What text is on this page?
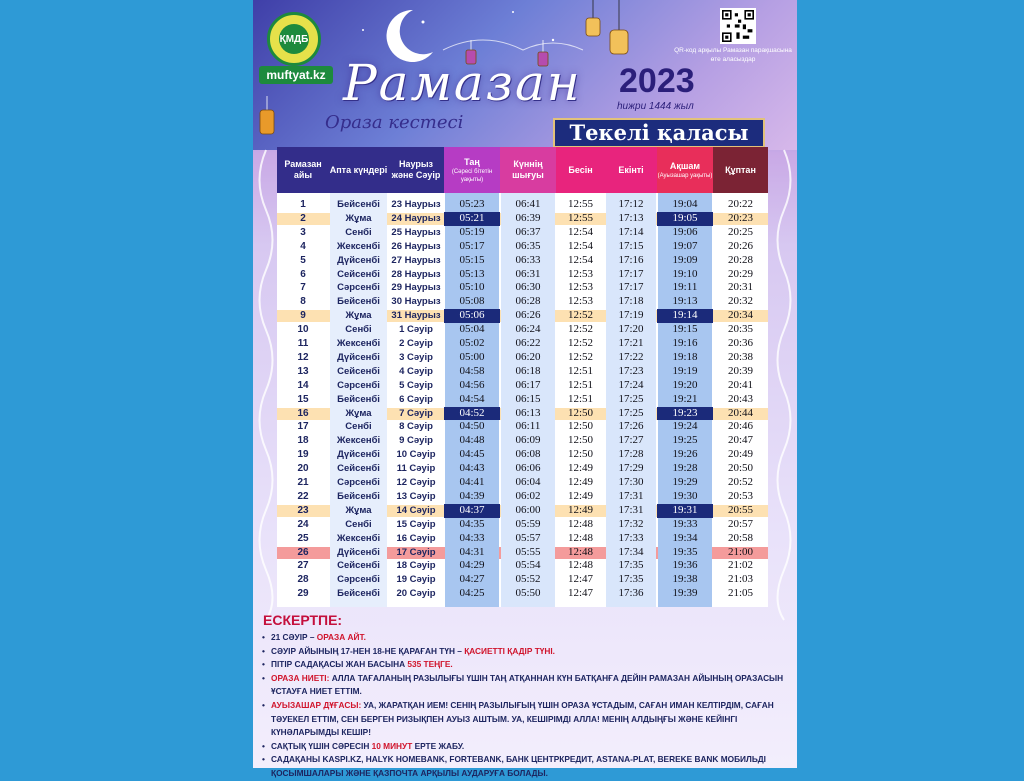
ҚМДБ
muftyat.kz Рамазан
Ораза кестесі
2023
һижри 1444 жыл
Текелі қаласы
QR-код арқылы Рамазан парақшасына өте аласыздар
Рамазан айы
1
2
3
4
5
6
7
8
9
10
11
12
13
14
15
16
17
18
19
20
21
22
23
24
25
26
27
28
29
Апта күндері
Бейсенбі
Жұма
Сенбі
Жексенбі
Дүйсенбі
Сейсенбі
Сәрсенбі
Бейсенбі
Жұма
Сенбі
Жексенбі
Дүйсенбі
Сейсенбі
Сәрсенбі
Бейсенбі
Жұма
Сенбі
Жексенбі
Дүйсенбі
Сейсенбі
Сәрсенбі
Бейсенбі
Жұма
Сенбі
Жексенбі
Дүйсенбі
Сейсенбі
Сәрсенбі
Бейсенбі
Наурыз және Сәуір
23 Наурыз
24 Наурыз
25 Наурыз
26 Наурыз
27 Наурыз
28 Наурыз
29 Наурыз
30 Наурыз
31 Наурыз
1 Сәуір
2 Сәуір
3 Сәуір
4 Сәуір
5 Сәуір
6 Сәуір
7 Сәуір
8 Сәуір
9 Сәуір
10 Сәуір
11 Сәуір
12 Сәуір
13 Сәуір
14 Сәуір
15 Сәуір
16 Сәуір
17 Сәуір
18 Сәуір
19 Сәуір
20 Сәуір
Таң
(Сәресі бітетін уақыты)
05:23
05:21
05:19
05:17
05:15
05:13
05:10
05:08
05:06
05:04
05:02
05:00
04:58
04:56
04:54
04:52
04:50
04:48
04:45
04:43
04:41
04:39
04:37
04:35
04:33
04:31
04:29
04:27
04:25
Күннің шығуы
06:41
06:39
06:37
06:35
06:33
06:31
06:30
06:28
06:26
06:24
06:22
06:20
06:18
06:17
06:15
06:13
06:11
06:09
06:08
06:06
06:04
06:02
06:00
05:59
05:57
05:55
05:54
05:52
05:50
Бесін
12:55
12:55
12:54
12:54
12:54
12:53
12:53
12:53
12:52
12:52
12:52
12:52
12:51
12:51
12:51
12:50
12:50
12:50
12:50
12:49
12:49
12:49
12:49
12:48
12:48
12:48
12:48
12:47
12:47
Екінті
17:12
17:13
17:14
17:15
17:16
17:17
17:17
17:18
17:19
17:20
17:21
17:22
17:23
17:24
17:25
17:25
17:26
17:27
17:28
17:29
17:30
17:31
17:31
17:32
17:33
17:34
17:35
17:35
17:36
Ақшам
(Ауызашар уақыты)
19:04
19:05
19:06
19:07
19:09
19:10
19:11
19:13
19:14
19:15
19:16
19:18
19:19
19:20
19:21
19:23
19:24
19:25
19:26
19:28
19:29
19:30
19:31
19:33
19:34
19:35
19:36
19:38
19:39
Құптан
20:22
20:23
20:25
20:26
20:28
20:29
20:31
20:32
20:34
20:35
20:36
20:38
20:39
20:41
20:43
20:44
20:46
20:47
20:49
20:50
20:52
20:53
20:55
20:57
20:58
21:00
21:02
21:03
21:05
ЕСКЕРТПЕ:
• 21 СӘУІР – ОРАЗА АЙТ.
• СӘУІР АЙЫНЫҢ 17-НЕН 18-НЕ ҚАРАҒАН ТҮН – ҚАСИЕТТІ ҚАДІР ТҮНІ.
• ПІТІР САДАҚАСЫ ЖАН БАСЫНА 535 ТЕҢГЕ.
• ОРАЗА НИЕТІ: АЛЛА ТАҒАЛАНЫҢ РАЗЫЛЫҒЫ ҮШІН ТАҢ АТҚАННАН КҮН БАТҚАНҒА ДЕЙІН РАМАЗАН АЙЫНЫҢ ОРАЗАСЫН ҰСТАУҒА НИЕТ ЕТТІМ.
• АУЫЗАШАР ДҰҒАСЫ: УА, ЖАРАТҚАН ИЕМ! СЕНІҢ РАЗЫЛЫҒЫҢ ҮШІН ОРАЗА ҰСТАДЫМ, САҒАН ИМАН КЕЛТІРДІМ, САҒАН ТӘУЕКЕЛ ЕТТІМ, СЕН БЕРГЕН РИЗЫҚПЕН АУЫЗ АШТЫМ. УА, КЕШІРІМДІ АЛЛА! МЕНІҢ АЛДЫҢҒЫ ЖӘНЕ КЕЙІНГІ КҮНӘЛАРЫМДЫ КЕШІР!
• САҚТЫҚ ҮШІН СӘРЕСІН 10 МИНУТ ЕРТЕ ЖАБУ.
• САДАҚАНЫ KASPI.KZ, HALYK HOMEBANK, FORTEBANK, БАНК ЦЕНТРКРЕДИТ, ASTANA-PLAT, BEREKE BANK МОБИЛЬДІ ҚОСЫМШАЛАРЫ ЖӘНЕ ҚАЗПОЧТА АРҚЫЛЫ АУДАРУҒА БОЛАДЫ.
